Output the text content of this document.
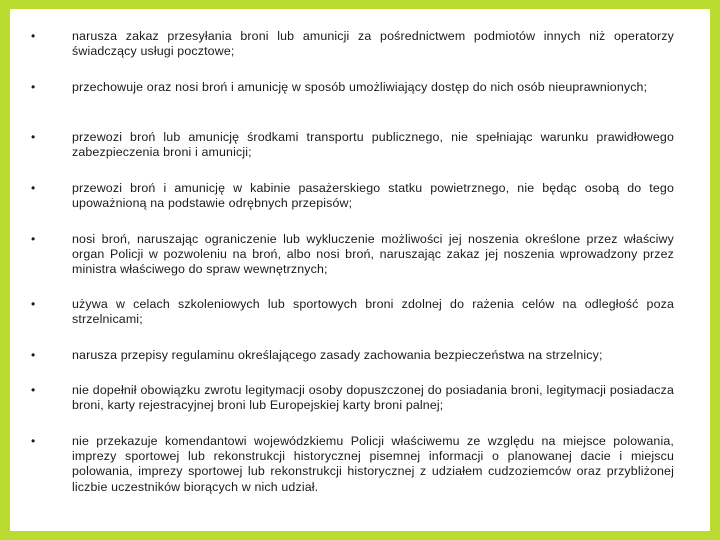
•	narusza zakaz przesyłania broni lub amunicji za pośrednictwem podmiotów innych niż operatorzy świadczący usługi pocztowe;
•	przechowuje oraz nosi broń i amunicję w sposób umożliwiający dostęp do nich osób nieuprawnionych;
•	przewozi broń lub amunicję środkami transportu publicznego, nie spełniając warunku prawidłowego zabezpieczenia broni i amunicji;
•	przewozi broń i amunicję w kabinie pasażerskiego statku powietrznego, nie będąc osobą do tego upoważnioną na podstawie odrębnych przepisów;
•	nosi broń, naruszając ograniczenie lub wykluczenie możliwości jej noszenia określone przez właściwy organ Policji w pozwoleniu na broń, albo nosi broń, naruszając zakaz jej noszenia wprowadzony przez ministra właściwego do spraw wewnętrznych;
•	używa w celach szkoleniowych lub sportowych broni zdolnej do rażenia celów na odległość poza strzelnicami;
•	narusza przepisy regulaminu określającego zasady zachowania bezpieczeństwa na strzelnicy;
•	nie dopełnił obowiązku zwrotu legitymacji osoby dopuszczonej do posiadania broni, legitymacji posiadacza broni, karty rejestracyjnej broni lub Europejskiej karty broni palnej;
•	nie przekazuje komendantowi wojewódzkiemu Policji właściwemu ze względu na miejsce polowania, imprezy sportowej lub rekonstrukcji historycznej pisemnej informacji o planowanej dacie i miejscu polowania, imprezy sportowej lub rekonstrukcji historycznej z udziałem cudzoziemców oraz przybliżonej liczbie uczestników biorących w nich udział.
